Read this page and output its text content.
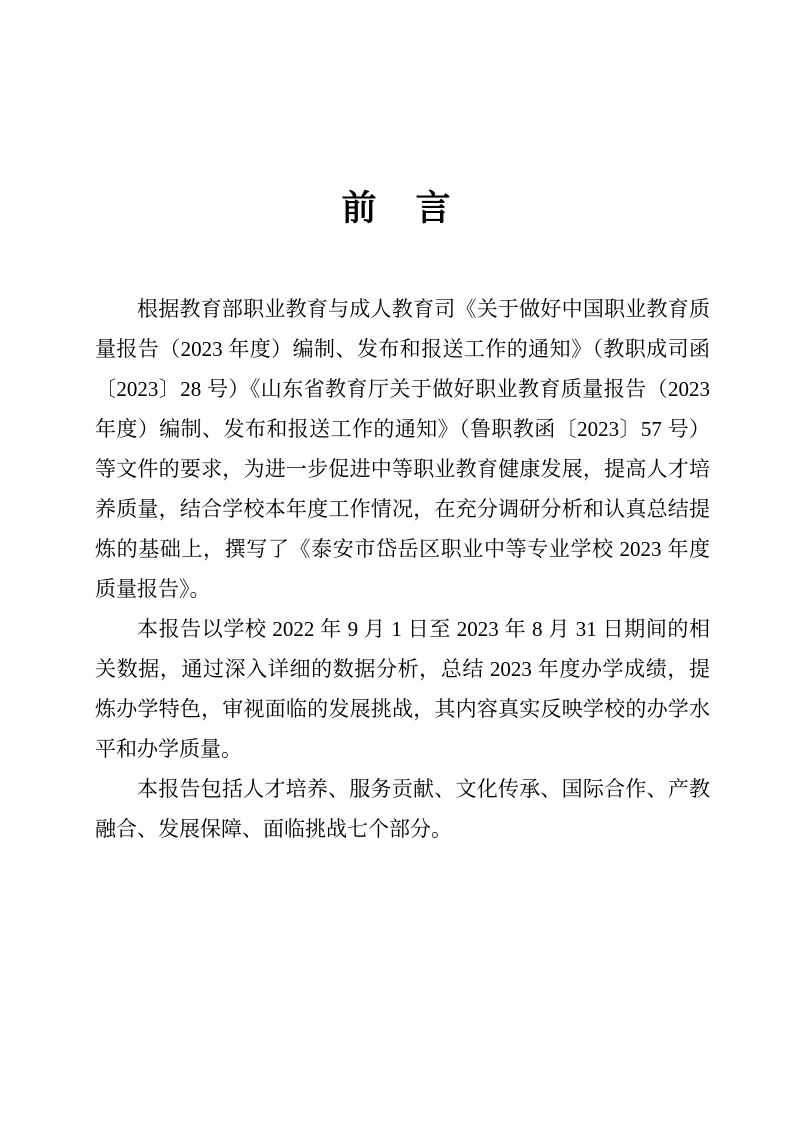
前　言

根据教育部职业教育与成人教育司《关于做好中国职业教育质量报告（2023 年度）编制、发布和报送工作的通知》（教职成司函〔2023〕28 号）《山东省教育厅关于做好职业教育质量报告（2023 年度）编制、发布和报送工作的通知》（鲁职教函〔2023〕57 号）等文件的要求，为进一步促进中等职业教育健康发展，提高人才培养质量，结合学校本年度工作情况，在充分调研分析和认真总结提炼的基础上，撰写了《泰安市岱岳区职业中等专业学校 2023 年度质量报告》。

本报告以学校 2022 年 9 月 1 日至 2023 年 8 月 31 日期间的相关数据，通过深入详细的数据分析，总结 2023 年度办学成绩，提炼办学特色，审视面临的发展挑战，其内容真实反映学校的办学水平和办学质量。

本报告包括人才培养、服务贡献、文化传承、国际合作、产教融合、发展保障、面临挑战七个部分。
